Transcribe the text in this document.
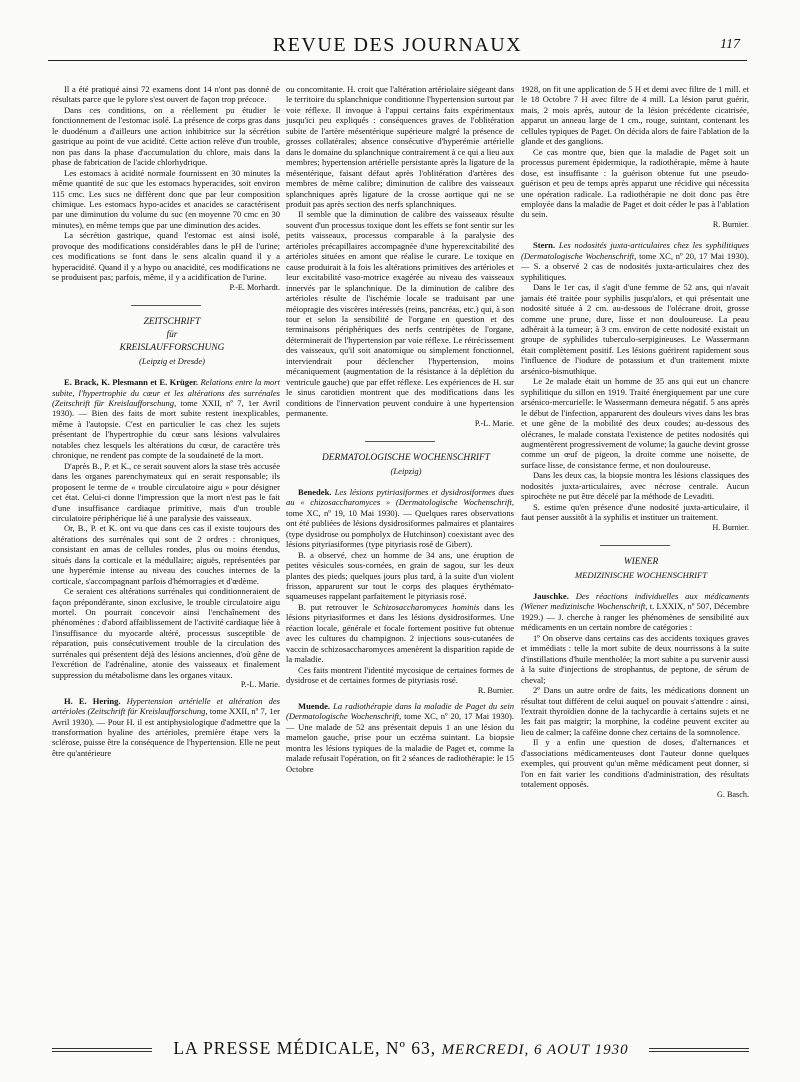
REVUE DES JOURNAUX	117

Il a été pratiqué ainsi 72 examens dont 14 n'ont pas donné de résultats parce que le pylore s'est ouvert de façon trop précoce.

Dans ces conditions, on a réellement pu étudier le fonctionnement de l'estomac isolé. La présence de corps gras dans le duodénum a d'ailleurs une action inhibitrice sur la sécrétion gastrique au point de vue acidité. Cette action relève d'un trouble, non pas dans la phase d'accumulation du chlore, mais dans la phase de fabrication de l'acide chlorhydrique.

Les estomacs à acidité normale fournissent en 30 minutes la même quantité de suc que les estomacs hyperacides, soit environ 115 cmc. Les sucs ne diffèrent donc que par leur composition chimique. Les estomacs hypo-acides et anacides se caractérisent par une diminution du volume du suc (en moyenne 70 cmc en 30 minutes), en même temps que par une diminution des acides.

La sécrétion gastrique, quand l'estomac est ainsi isolé, provoque des modifications considérables dans le pH de l'urine; ces modifications se font dans le sens alcalin quand il y a hyperacidité. Quand il y a hypo ou anacidité, ces modifications ne se produisent pas; parfois, même, il y a acidification de l'urine.

P.-E. Morhardt.

ZEITSCHRIFT

für

KREISLAUFFORSCHUNG

(Leipzig et Dresde)

E. Brack, K. Plesmann et E. Krüger. Relations entre la mort subite, l'hypertrophie du cœur et les altérations des surrénales (Zeitschrift für Kreislaufforschung, tome XXII, nº 7, 1er Avril 1930). — Bien des faits de mort subite restent inexplicables, même à l'autopsie. C'est en particulier le cas chez les sujets présentant de l'hypertrophie du cœur sans lésions valvulaires notables chez lesquels les altérations du cœur, de caractère très chronique, ne rendent pas compte de la soudaineté de la mort.

D'après B., P. et K., ce serait souvent alors la stase très accusée dans les organes parenchymateux qui en serait responsable; ils proposent le terme de « trouble circulatoire aigu » pour désigner cet état. Celui-ci donne l'impression que la mort n'est pas le fait d'une insuffisance cardiaque primitive, mais d'un trouble circulatoire périphérique lié à une paralysie des vaisseaux.

Or, B., P. et K. ont vu que dans ces cas il existe toujours des altérations des surrénales qui sont de 2 ordres : chroniques, consistant en amas de cellules rondes, plus ou moins étendus, situés dans la corticale et la médullaire; aiguës, représentées par une hyperémie intense au niveau des couches internes de la corticale, s'accompagnant parfois d'hémorragies et d'œdème.

Ce seraient ces altérations surrénales qui conditionneraient de façon prépondérante, sinon exclusive, le trouble circulatoire aigu mortel. On pourrait concevoir ainsi l'enchaînement des phénomènes : d'abord affaiblissement de l'activité cardiaque liée à l'insuffisance du myocarde altéré, processus susceptible de réparation, puis consécutivement trouble de la circulation des surrénales qui présentent déjà des lésions anciennes, d'où gêne de l'excrétion de l'adrénaline, atonie des vaisseaux et finalement suppression du métabolisme dans les organes vitaux.

P.-L. Marie.

H. E. Hering. Hypertension artérielle et altération des artérioles (Zeitschrift für Kreislaufforschung, tome XXII, nº 7, 1er Avril 1930). — Pour H. il est antiphysiologique d'admettre que la transformation hyaline des artérioles, première étape vers la sclérose, puisse être la conséquence de l'hypertension. Elle ne peut être qu'antérieure

ou concomitante. H. croit que l'altération artériolaire siégeant dans le territoire du splanchnique conditionne l'hypertension surtout par voie réflexe. Il invoque à l'appui certains faits expérimentaux jusqu'ici peu expliqués : conséquences graves de l'oblitération subite de l'artère mésentérique supérieure malgré la présence de grosses collatérales; absence consécutive d'hyperémie artérielle dans le domaine du splanchnique contrairement à ce qui a lieu aux membres; hypertension artérielle persistante après la ligature de la mésentérique, faisant défaut après l'oblitération d'artères des membres de même calibre; diminution de calibre des vaisseaux splanchniques après ligature de la crosse aortique qui ne se produit pas après section des nerfs splanchniques.

Il semble que la diminution de calibre des vaisseaux résulte souvent d'un processus toxique dont les effets se font sentir sur les petits vaisseaux, processus comparable à la paralysie des artérioles précapillaires accompagnée d'une hyperexcitabilité des artérioles situées en amont que réalise le curare. Le toxique en cause produirait à la fois les altérations primitives des artérioles et leur excitabilité vaso-motrice exagérée au niveau des vaisseaux innervés par le splanchnique. De la diminution de calibre des artérioles résulte de l'ischémie locale se traduisant par une méiopragie des viscères intéressés (reins, pancréas, etc.) qui, à son tour et selon la sensibilité de l'organe en question et des terminaisons périphériques des nerfs centripètes de l'organe, déterminerait de l'hypertension par voie réflexe. Le rétrécissement des vaisseaux, qu'il soit anatomique ou simplement fonctionnel, interviendrait pour déclencher l'hypertension, moins mécaniquement (augmentation de la résistance à la déplétion du ventricule gauche) que par effet réflexe. Les expériences de H. sur le sinus carotidien montrent que des modifications dans les conditions de l'innervation peuvent conduire à une hypertension permanente.

P.-L. Marie.

DERMATOLOGISCHE WOCHENSCHRIFT

(Leipzig)

Benedek. Les lésions pytiriasiformes et dysidrosiformes dues au « chizosaccharomyces » (Dermatologische Wochenschrift, tome XC, nº 19, 10 Mai 1930). — Quelques rares observations ont été publiées de lésions dysidrosiformes palmaires et plantaires (type dysidrose ou pompholyx de Hutchinson) coexistant avec des lésions pityriasiformes (type pityriasis rosé de Gibert).

B. a observé, chez un homme de 34 ans, une éruption de petites vésicules sous-cornées, en grain de sagou, sur les deux plantes des pieds; quelques jours plus tard, à la suite d'un violent frisson, apparurent sur tout le corps des plaques érythémato-squameuses rappelant parfaitement le pityriasis rosé.

B. put retrouver le Schizosaccharomyces hominis dans les lésions pityriasiformes et dans les lésions dysidrosiformes. Une réaction locale, générale et focale fortement positive fut obtenue avec les cultures du champignon. 2 injections sous-cutanées de vaccin de schizosaccharomyces amenèrent la disparition rapide de la maladie.

Ces faits montrent l'identité mycosique de certaines formes de dysidrose et de certaines formes de pityriasis rosé.

R. Burnier.

Muende. La radiothérapie dans la maladie de Paget du sein (Dermatologische Wochenschrift, tome XC, nº 20, 17 Mai 1930). — Une malade de 52 ans présentait depuis 1 an une lésion du mamelon gauche, prise pour un eczéma suintant. La biopsie montra les lésions typiques de la maladie de Paget et, comme la malade refusait l'opération, on fit 2 séances de radiothérapie: le 15 Octobre

1928, on fit une application de 5 H et demi avec filtre de 1 mill. et le 18 Octobre 7 H avec filtre de 4 mill. La lésion parut guérir, mais, 2 mois après, autour de la lésion précédente cicatrisée, apparut un anneau large de 1 cm., rouge, suintant, contenant les cellules typiques de Paget. On décida alors de faire l'ablation de la glande et des ganglions.

Ce cas montre que, bien que la maladie de Paget soit un processus purement épidermique, la radiothérapie, même à haute dose, est insuffisante : la guérison obtenue fut une pseudo-guérison et peu de temps après apparut une récidive qui nécessita une opération radicale. La radiothérapie ne doit donc pas être employée dans la maladie de Paget et doit céder le pas à l'ablation du sein.

R. Burnier.

Stern. Les nodosités juxta-articulaires chez les syphilitiques (Dermatologische Wochenschrift, tome XC, nº 20, 17 Mai 1930). — S. a observé 2 cas de nodosités juxta-articulaires chez des syphilitiques.

Dans le 1er cas, il s'agit d'une femme de 52 ans, qui n'avait jamais été traitée pour syphilis jusqu'alors, et qui présentait une nodosité située à 2 cm. au-dessous de l'olécrane droit, grosse comme une prune, dure, lisse et non douloureuse. La peau adhérait à la tumeur; à 3 cm. environ de cette nodosité existait un groupe de syphilides tuberculo-serpigineuses. Le Wassermann était complètement positif. Les lésions guérirent rapidement sous l'influence de l'iodure de potassium et d'un traitement mixte arsénico-bismuthique.

Le 2e malade était un homme de 35 ans qui eut un chancre syphilitique du sillon en 1919. Traité énergiquement par une cure arsénico-mercurielle: le Wassermann demeura négatif. 5 ans après le début de l'infection, apparurent des douleurs vives dans les bras et une gêne de la mobilité des deux coudes; au-dessous des olécranes, le malade constata l'existence de petites nodosités qui augmentèrent progressivement de volume; la gauche devint grosse comme un œuf de pigeon, la droite comme une noisette, de surface lisse, de consistance ferme, et non douloureuse.

Dans les deux cas, la biopsie montra les lésions classiques des nodosités juxta-articulaires, avec nécrose centrale. Aucun spirochète ne put être décelé par la méthode de Levaditi.

S. estime qu'en présence d'une nodosité juxta-articulaire, il faut penser aussitôt à la syphilis et instituer un traitement.

H. Burnier.

WIENER

MEDIZINISCHE WOCHENSCHRIFT

Jauschke. Des réactions individuelles aux médicaments (Wiener medizinische Wochenschrift, t. LXXIX, nº 507, Décembre 1929.) — J. cherche à ranger les phénomènes de sensibilité aux médicaments en un certain nombre de catégories :

1º On observe dans certains cas des accidents toxiques graves et immédiats : telle la mort subite de deux nourrissons à la suite d'instillations d'huile mentholée; la mort subite a pu survenir aussi à la suite d'injections de strophantus, de peptone, de sérum de cheval;

2º Dans un autre ordre de faits, les médications donnent un résultat tout différent de celui auquel on pouvait s'attendre : ainsi, l'extrait thyroïdien donne de la tachycardie à certains sujets et ne les fait pas maigrir; la morphine, la codéine peuvent exciter au lieu de calmer; la caféine donne chez certains de la somnolence.

Il y a enfin une question de doses, d'alternances et d'associations médicamenteuses dont l'auteur donne quelques exemples, qui prouvent qu'un même médicament peut donner, si l'on en fait varier les conditions d'administration, des résultats totalement opposés.

G. Basch.

LA PRESSE MÉDICALE, Nº 63, MERCREDI, 6 AOUT 1930
